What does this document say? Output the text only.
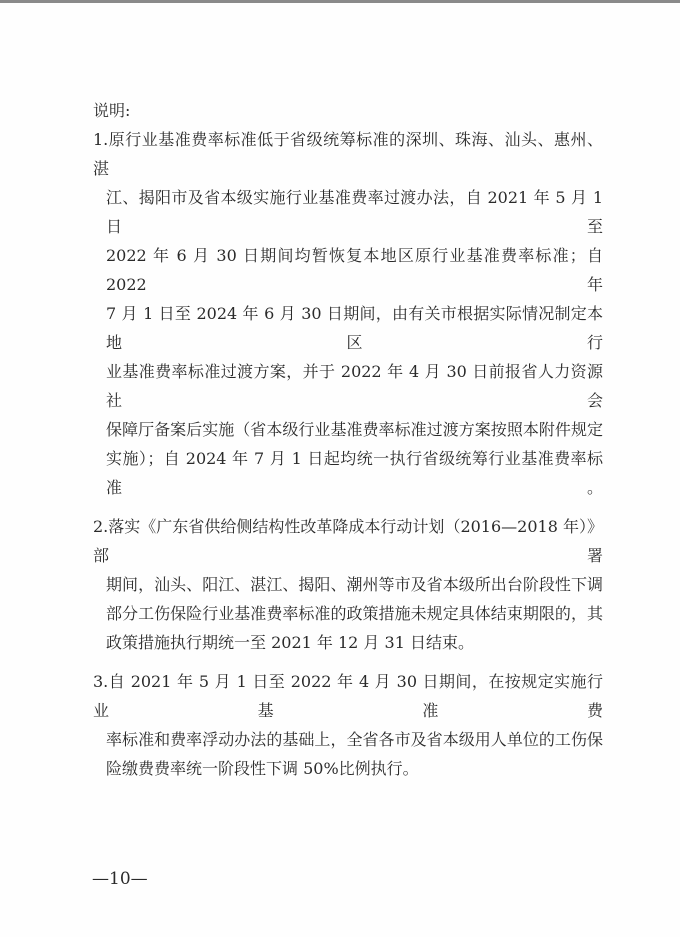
说明:
1.原行业基准费率标准低于省级统筹标准的深圳、珠海、汕头、惠州、湛
江、揭阳市及省本级实施行业基准费率过渡办法，自 2021 年 5 月 1 日至
2022 年 6 月 30 日期间均暂恢复本地区原行业基准费率标准；自 2022 年
7 月 1 日至 2024 年 6 月 30 日期间，由有关市根据实际情况制定本地区行
业基准费率标准过渡方案，并于 2022 年 4 月 30 日前报省人力资源社会
保障厅备案后实施（省本级行业基准费率标准过渡方案按照本附件规定
实施）；自 2024 年 7 月 1 日起均统一执行省级统筹行业基准费率标准。
2.落实《广东省供给侧结构性改革降成本行动计划（2016—2018 年）》部署
期间，汕头、阳江、湛江、揭阳、潮州等市及省本级所出台阶段性下调
部分工伤保险行业基准费率标准的政策措施未规定具体结束期限的，其
政策措施执行期统一至 2021 年 12 月 31 日结束。
3.自 2021 年 5 月 1 日至 2022 年 4 月 30 日期间，在按规定实施行业基准费
率标准和费率浮动办法的基础上，全省各市及省本级用人单位的工伤保
险缴费费率统一阶段性下调 50%比例执行。
—10—
